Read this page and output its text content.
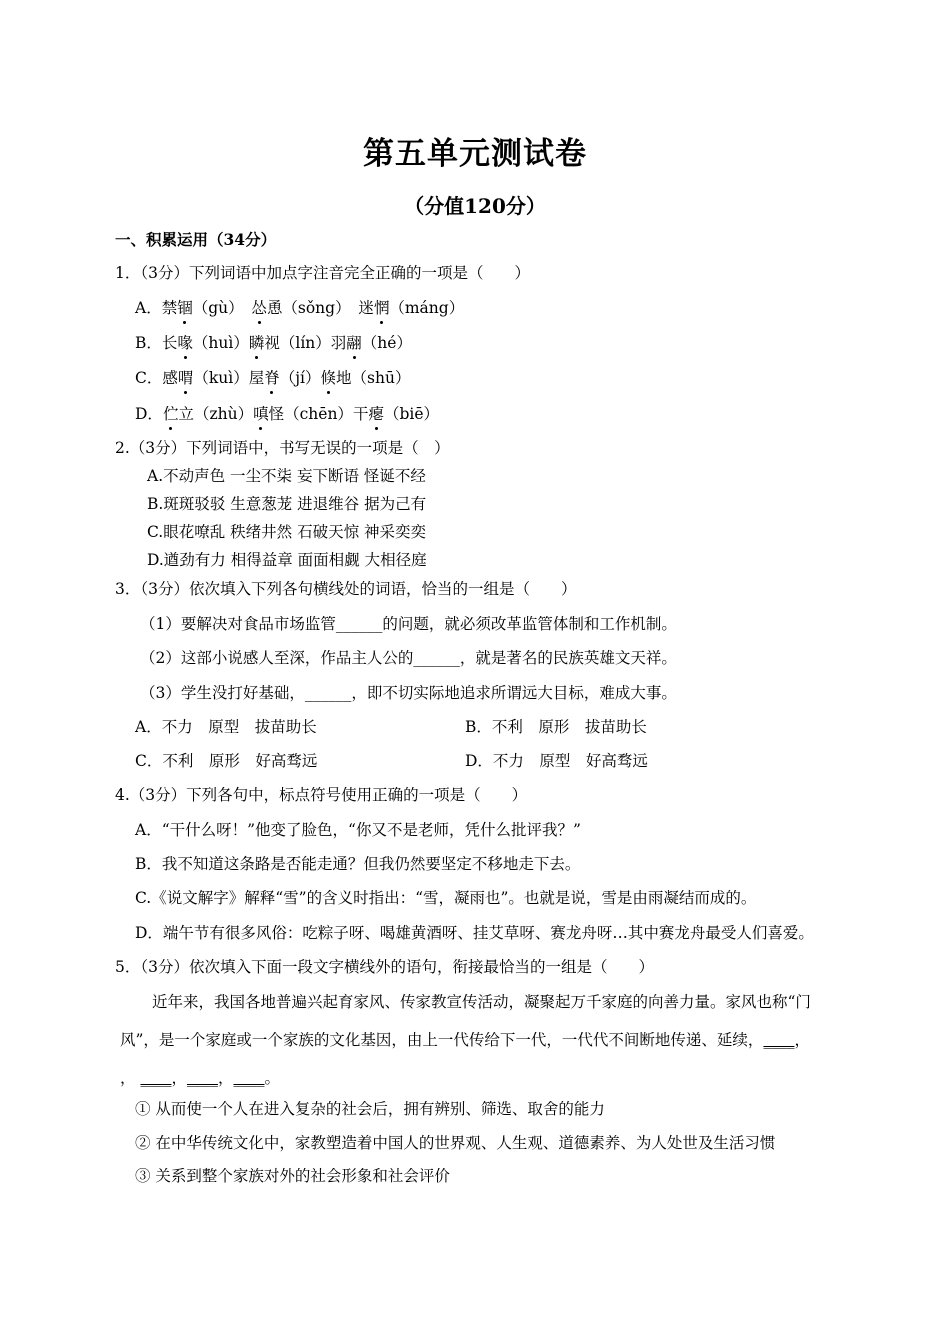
第五单元测试卷
（分值120分）
一、积累运用（34分）
1．（3分）下列词语中加点字注音完全正确的一项是（　　）
A．禁锢（gù）　怂恿（sǒng）　迷惘（máng）
B．长喙（huì）瞵视（lín）羽翮（hé）
C．感喟（kuì）屋脊（jí）倏地（shū）
D．伫立（zhù）嗔怪（chēn）干瘪（biē）
2.（3分）下列词语中，书写无误的一项是（　）
A.不动声色 一尘不柒 妄下断语 怪诞不经
B.斑斑驳驳 生意葱茏 进退维谷 据为己有
C.眼花嘹乱 秩绪井然 石破天惊 神采奕奕
D.遒劲有力 相得益章 面面相觑 大相径庭
3．（3分）依次填入下列各句横线处的词语，恰当的一组是（　　）
（1）要解决对食品市场监管______的问题，就必须改革监管体制和工作机制。
（2）这部小说感人至深，作品主人公的______，就是著名的民族英雄文天祥。
（3）学生没打好基础，______，即不切实际地追求所谓远大目标，难成大事。
A．不力　原型　拔苗助长	B．不利　原形　拔苗助长
C．不利　原形　好高骛远	D．不力　原型　好高骛远
4.（3分）下列各句中，标点符号使用正确的一项是（　　）
A．“干什么呀！”他变了脸色，“你又不是老师，凭什么批评我？”
B．我不知道这条路是否能走通？但我仍然要坚定不移地走下去。
C.《说文解字》解释“雪”的含义时指出：“雪，凝雨也”。也就是说，雪是由雨凝结而成的。
D．端午节有很多风俗：吃粽子呀、喝雄黄酒呀、挂艾草呀、赛龙舟呀…其中赛龙舟最受人们喜爱。
5．（3分）依次填入下面一段文字横线外的语句，衔接最恰当的一组是（　　）
近年来，我国各地普遍兴起育家风、传家教宣传活动，凝聚起万千家庭的向善力量。家风也称“门
风”，是一个家庭或一个家族的文化基因，由上一代传给下一代，一代代不间断地传递、延续，____，
， ____，____，____。
① 从而使一个人在进入复杂的社会后，拥有辨别、筛选、取舍的能力
② 在中华传统文化中，家教塑造着中国人的世界观、人生观、道德素养、为人处世及生活习惯
③ 关系到整个家族对外的社会形象和社会评价
